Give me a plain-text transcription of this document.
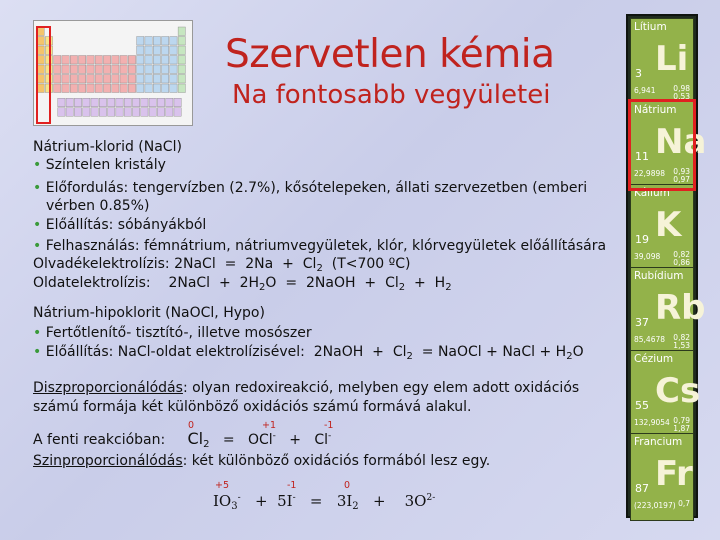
Szervetlen kémia
Na fontosabb vegyületei
Nátrium-klorid (NaCl)
• Színtelen kristály
• Előfordulás: tengervízben (2.7%), kősótelepeken, állati szervezetben (emberi
vérben 0.85%)
• Előállítás: sóbányákból
• Felhasználás: fémnátrium, nátriumvegyületek, klór, klórvegyületek előállítására
Olvadékelektrolízis: 2NaCl = $2Na + Cl_2$ (T<700 ºC)
Oldatelektrolízis: 2NaCl + $2H_2O$ = 2NaOH + $Cl_2 + H_2$
Nátrium-hipoklorit (NaOCl, Hypo)
• Fertőtlenítő- tisztító-, illetve mosószer
• Előállítás: NaCl-oldat elektrolízisével: 2NaOH + $Cl_2$ = NaOCl + NaCl + $H_2O$
Diszproporcionálódás: olyan redoxireakció, melyben egy elem adott oxidációs
számú formája két különböző oxidációs számú formává alakul.
0	+1	-1
A fenti reakcióban: $Cl_2 = OCl^- + Cl^-$
Szinproporcionálódás: két különböző oxidációs formából lesz egy.
+5	-1	0
$IO_3^- + 5I^- = 3I_2 + 3O^{2-}$
Lítium
Li
3
6,941 0,98
0,53
Nátrium
Na
11
22,9898 0,93
0,97
Kálium
K
19
39,098 0,82
0,86
Rubídium
Rb
37
85,4678 0,82
1,53
Cézium
Cs
55
132,9054 0,79
1,87
Francium
Fr
87
(223,0197) 0,7
